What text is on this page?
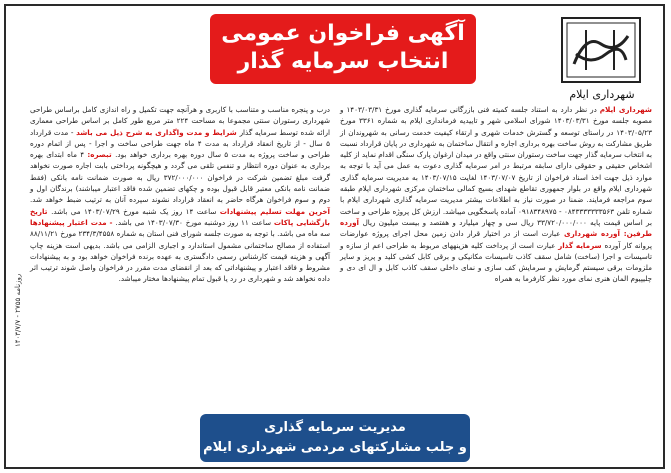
آگهی فراخوان عمومی
انتخاب سرمایه گذار
شهرداری ایلام

شهرداری ایلام در نظر دارد به استناد جلسه کمیته فنی بازرگانی سرمایه گذاری مورخ ۱۴۰۳/۰۳/۳۱ و مصوبه جلسه مورخ ۱۴۰۳/۰۳/۳۱ شورای اسلامی شهر و تاییدیه فرمانداری ایلام به شماره ۳۳۶۱ مورخ ۱۴۰۳/۰۵/۲۳ در راستای توسعه و گسترش خدمات شهری و ارتقاء کیفیت خدمت رسانی به شهروندان از طریق مشارکت به روش ساخت بهره برداری اجاره و انتقال ساختمان به شهرداری در پایان قرارداد نسبت به انتخاب سرمایه گذار جهت ساخت رستوران سنتی واقع در میدان ارغوان پارک سنگی اقدام نماید از کلیه اشخاص حقیقی و حقوقی دارای سابقه مرتبط در امر سرمایه گذاری دعوت به عمل می آید با توجه به موارد ذیل جهت اخذ اسناد فراخوان از تاریخ ۱۴۰۳/۰۷/۰۷ لغایت ۱۴۰۳/۰۷/۱۵ به مدیریت سرمایه گذاری شهرداری ایلام واقع در بلوار جمهوری تقاطع شهدای بسیج کمالی ساختمان مرکزی شهرداری ایلام طبقه سوم مراجعه فرمایند. ضمنا در صورت نیاز به اطلاعات بیشتر مدیریت سرمایه گذاری شهرداری ایلام با شماره تلفن ۰۸۴۳۳۳۳۳۳۳۵۶۳ - ۰۹۱۸۳۴۸۹۷۵ آماده پاسخگویی میباشد. ارزش کل پروژه طراحی و ساخت بر اساس قیمت پایه ۳۳/۷۲۰/۰۰۰/۰۰۰ ریال سی و چهار میلیارد و هفتصد و بیست میلیون ریال آورده طرفین: آورده شهرداری عبارت است از در اختیار قرار دادن زمین محل اجرای پروژه عوارضات پروانه کار آورده سرمایه گذار عبارت است از پرداخت کلیه هزینههای مربوط به طراحی اعم از سازه و تاسیسات و اجرا (ساخت) شامل سقف کاذب تاسیسات مکانیکی و برقی کابل کشی کلید و پریز و سایر ملزومات برقی سیستم گرمایش و سرمایش کف سازی و نمای داخلی سقف کاذب کابل و ال ای دی و چلیپیوم المان هنری نمای مورد نظر کارفرما به همراه

درب و پنجره مناسب و متناسب با کاربری و هرآنچه جهت تکمیل و راه اندازی کامل براساس طراحی شهرداری رستوران سنتی مجموعا به مساحت ۲۲۴ متر مربع طور کامل بر اساس طراحی معماری ارائه شده توسط سرمایه گذار شرایط و مدت واگذاری به شرح ذیل می باشد - مدت قرارداد ۵ سال - از تاریخ انعقاد قرارداد به مدت ۴ ماه جهت طراحی ساخت و اجرا - پس از اتمام دوره طراحی و ساخت پروژه به مدت ۵ سال دوره بهره برداری خواهد بود. تبصره: ۴ ماه ابتدای بهره برداری به عنوان دوره انتظار و تنفس تلقی می گردد و هیچگونه پرداختی بابت اجاره صورت نخواهد گرفت مبلغ تضمین شرکت در فراخوان ۳۷۲/۰۰۰/۰۰۰ ریال به صورت ضمانت نامه بانکی (فقط ضمانت نامه بانکی معتبر قابل قبول بوده و چکهای تضمین شده فاقد اعتبار میباشند) برندگان اول و دوم و سوم فراخوان هرگاه حاضر به انعقاد قرارداد نشوند سپرده آنان به ترتیب ضبط خواهد شد. آخرین مهلت تسلیم پیشنهادات ساعت ۱۴ روز یک شنبه مورخ ۱۴۰۳/۰۷/۲۹ می باشد. تاریخ بازگشایی پاکات ساعت ۱۱ روز دوشنبه مورخ ۱۴۰۳/۰۷/۳۰ می باشد. - مدت اعتبار پیشنهادها سه ماه می باشد. با توجه به صورت جلسه شورای فنی استان به شماره ۲۳۴/۳/۴۵۵۸ مورخ ۸۸/۱۱/۲۱ استفاده از مصالح ساختمانی مشمول استاندارد و اجباری الزامی می باشد. بدیهی است هزینه چاپ آگهی و هزینه قیمت کارشناس رسمی دادگستری به عهده برنده فراخوان خواهد بود و به پیشنهادات مشروط و فاقد اعتبار و پیشنهاداتی که بعد از انقضای مدت مقرر در فراخوان واصل شوند ترتیب اثر داده نخواهد شد و شهرداری در رد یا قبول تمام پیشنهادها مختار میباشد.

۱۴۰۳/۷/۷ - ۲۷۵۵ روزنامه
مدیریت سرمایه گذاری
و جلب مشارکتهای مردمی شهرداری ایلام
